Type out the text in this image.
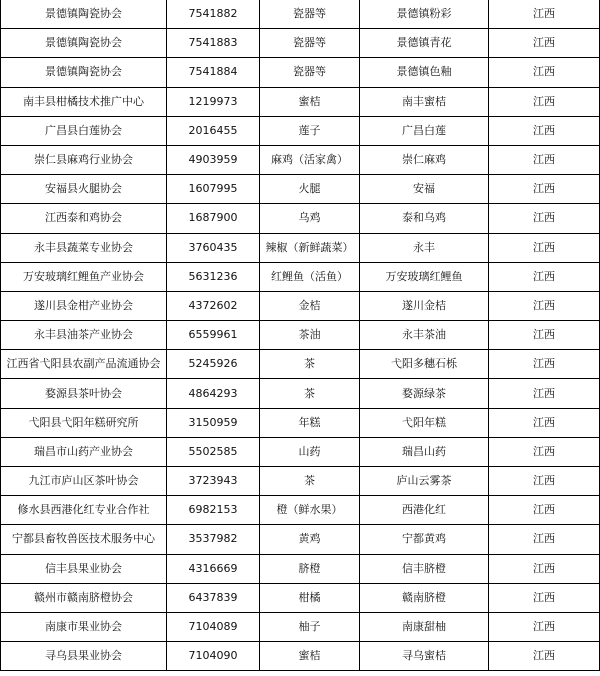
景德镇陶瓷协会	7541882	瓷器等	景德镇粉彩	江西
景德镇陶瓷协会	7541883	瓷器等	景德镇青花	江西
景德镇陶瓷协会	7541884	瓷器等	景德镇色釉	江西
南丰县柑橘技术推广中心	1219973	蜜桔	南丰蜜桔	江西
广昌县白莲协会	2016455	莲子	广昌白莲	江西
崇仁县麻鸡行业协会	4903959	麻鸡（活家禽）	崇仁麻鸡	江西
安福县火腿协会	1607995	火腿	安福	江西
江西泰和鸡协会	1687900	乌鸡	泰和乌鸡	江西
永丰县蔬菜专业协会	3760435	辣椒（新鲜蔬菜）	永丰	江西
万安玻璃红鲤鱼产业协会	5631236	红鲤鱼（活鱼）	万安玻璃红鲤鱼	江西
遂川县金柑产业协会	4372602	金桔	遂川金桔	江西
永丰县油茶产业协会	6559961	茶油	永丰茶油	江西
江西省弋阳县农副产品流通协会	5245926	茶	弋阳多穗石栎	江西
婺源县茶叶协会	4864293	茶	婺源绿茶	江西
弋阳县弋阳年糕研究所	3150959	年糕	弋阳年糕	江西
瑞昌市山药产业协会	5502585	山药	瑞昌山药	江西
九江市庐山区茶叶协会	3723943	茶	庐山云雾茶	江西
修水县西港化红专业合作社	6982153	橙（鲜水果）	西港化红	江西
宁都县畜牧兽医技术服务中心	3537982	黄鸡	宁都黄鸡	江西
信丰县果业协会	4316669	脐橙	信丰脐橙	江西
赣州市赣南脐橙协会	6437839	柑橘	赣南脐橙	江西
南康市果业协会	7104089	柚子	南康甜柚	江西
寻乌县果业协会	7104090	蜜桔	寻乌蜜桔	江西
